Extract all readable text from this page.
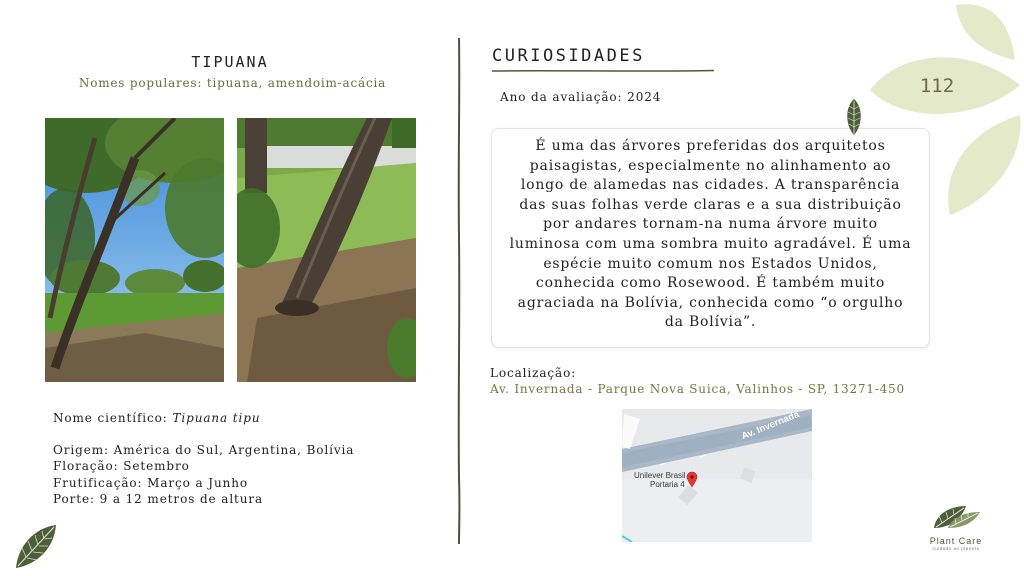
TIPUANA
Nomes populares: tipuana, amendoim-acácia
Nome científico: Tipuana tipu
Origem: América do Sul, Argentina, Bolívia
Floração: Setembro
Frutificação: Março a Junho
Porte: 9 a 12 metros de altura
CURIOSIDADES
Ano da avaliação: 2024
É uma das árvores preferidas dos arquitetos paisagistas, especialmente no alinhamento ao longo de alamedas nas cidades. A transparência das suas folhas verde claras e a sua distribuição por andares tornam-na numa árvore muito luminosa com uma sombra muito agradável. É uma espécie muito comum nos Estados Unidos, conhecida como Rosewood. É também muito agraciada na Bolívia, conhecida como “o orgulho da Bolívia”.
Localização:
Av. Invernada - Parque Nova Suica, Valinhos - SP, 13271-450
Av. Invernada
Unilever Brasil
Portaria 4
112
Plant Care
cuidado ao planeta
